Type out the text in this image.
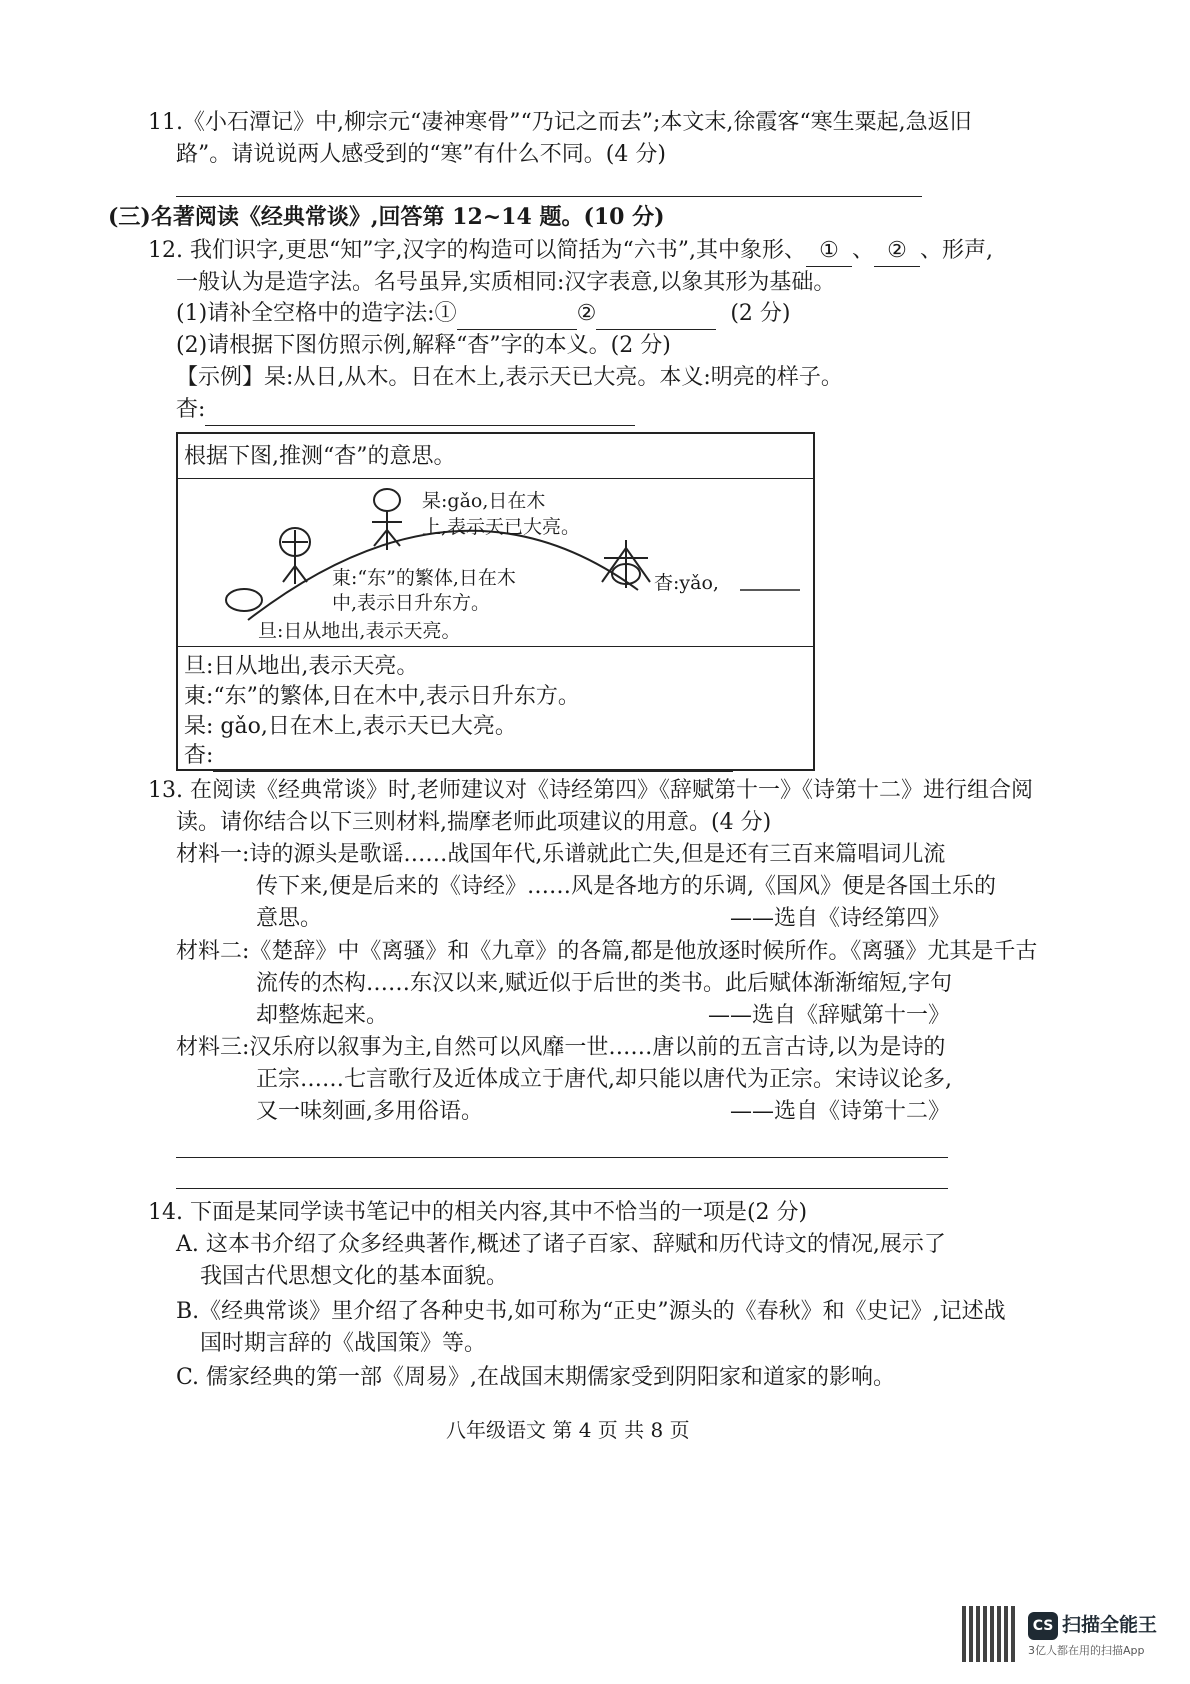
11.《小石潭记》中,柳宗元“凄神寒骨”“乃记之而去”;本文末,徐霞客“寒生粟起,急返旧
路”。请说说两人感受到的“寒”有什么不同。(4 分)
(三)名著阅读《经典常谈》,回答第 12~14 题。(10 分)
12. 我们识字,更思“知”字,汉字的构造可以简括为“六书”,其中象形、 ① 、 ② 、形声,
一般认为是造字法。名号虽异,实质相同:汉字表意,以象其形为基础。
(1)请补全空格中的造字法:①	②	(2 分)
(2)请根据下图仿照示例,解释“杳”字的本义。(2 分)
【示例】杲:从日,从木。日在木上,表示天已大亮。本义:明亮的样子。
杳:
根据下图,推测“杳”的意思。
杲:gǎo,日在木
上,表示天已大亮。
東:“东”的繁体,日在木
中,表示日升东方。
旦:日从地出,表示天亮。
杳:yǎo,
旦:日从地出,表示天亮。
東:“东”的繁体,日在木中,表示日升东方。
杲: gǎo,日在木上,表示天已大亮。
杳:
13. 在阅读《经典常谈》时,老师建议对《诗经第四》《辞赋第十一》《诗第十二》进行组合阅
读。请你结合以下三则材料,揣摩老师此项建议的用意。(4 分)
材料一:诗的源头是歌谣……战国年代,乐谱就此亡失,但是还有三百来篇唱词儿流
传下来,便是后来的《诗经》……风是各地方的乐调,《国风》便是各国土乐的
意思。	——选自《诗经第四》
材料二:《楚辞》中《离骚》和《九章》的各篇,都是他放逐时候所作。《离骚》尤其是千古
流传的杰构……东汉以来,赋近似于后世的类书。此后赋体渐渐缩短,字句
却整炼起来。	——选自《辞赋第十一》
材料三:汉乐府以叙事为主,自然可以风靡一世……唐以前的五言古诗,以为是诗的
正宗……七言歌行及近体成立于唐代,却只能以唐代为正宗。宋诗议论多,
又一味刻画,多用俗语。	——选自《诗第十二》
14. 下面是某同学读书笔记中的相关内容,其中不恰当的一项是(2 分)
A. 这本书介绍了众多经典著作,概述了诸子百家、辞赋和历代诗文的情况,展示了
我国古代思想文化的基本面貌。
B.《经典常谈》里介绍了各种史书,如可称为“正史”源头的《春秋》和《史记》,记述战
国时期言辞的《战国策》等。
C. 儒家经典的第一部《周易》,在战国末期儒家受到阴阳家和道家的影响。
八年级语文 第 4 页 共 8 页
CS 扫描全能王
3亿人都在用的扫描App
